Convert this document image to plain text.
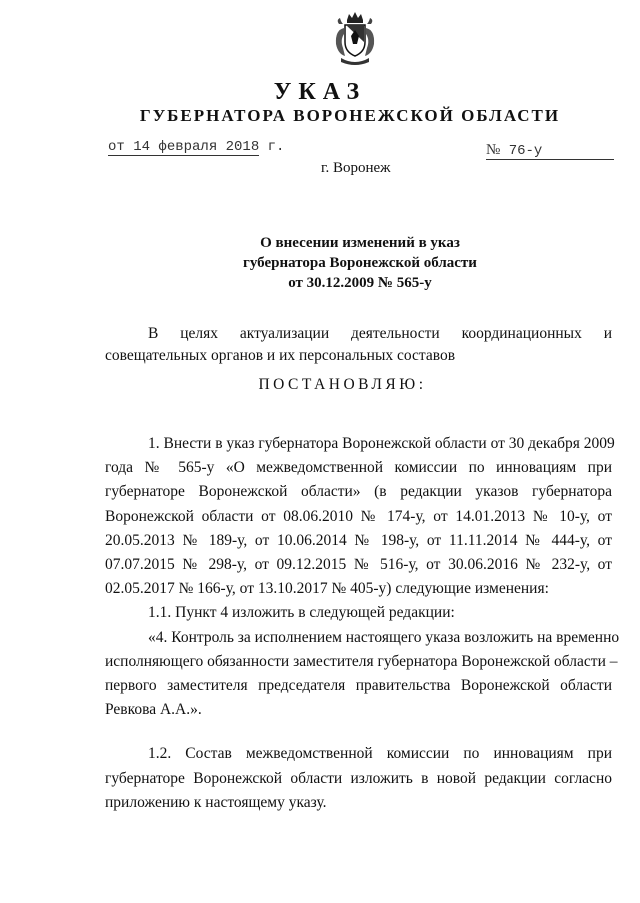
УКАЗ
ГУБЕРНАТОРА ВОРОНЕЖСКОЙ ОБЛАСТИ
от 14 февраля 2018 г.	№ 76-у
г. Воронеж
О внесении изменений в указ
губернатора Воронежской области
от 30.12.2009 № 565-у
В целях актуализации деятельности координационных и
совещательных органов и их персональных составов
ПОСТАНОВЛЯЮ:
1. Внести в указ губернатора Воронежской области от 30 декабря 2009
года № 565-у «О межведомственной комиссии по инновациям при
губернаторе Воронежской области» (в редакции указов губернатора
Воронежской области от 08.06.2010 № 174-у, от 14.01.2013 № 10-у, от
20.05.2013 № 189-у, от 10.06.2014 № 198-у, от 11.11.2014 № 444-у, от
07.07.2015 № 298-у, от 09.12.2015 № 516-у, от 30.06.2016 № 232-у, от
02.05.2017 № 166-у, от 13.10.2017 № 405-у) следующие изменения:
1.1. Пункт 4 изложить в следующей редакции:
«4. Контроль за исполнением настоящего указа возложить на временно
исполняющего обязанности заместителя губернатора Воронежской области –
первого заместителя председателя правительства Воронежской области
Ревкова А.А.».
1.2. Состав межведомственной комиссии по инновациям при
губернаторе Воронежской области изложить в новой редакции согласно
приложению к настоящему указу.
